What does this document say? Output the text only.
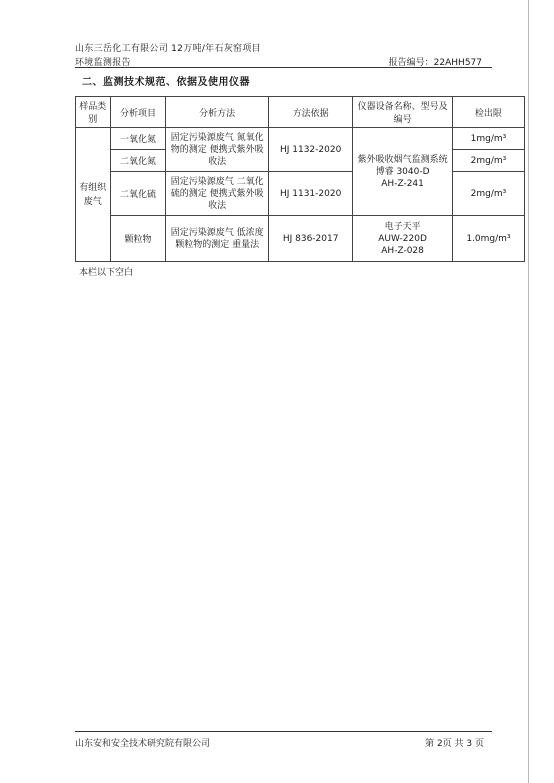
山东三岳化工有限公司 12万吨/年石灰窑项目
环境监测报告	报告编号：22AHH577
二、监测技术规范、依据及使用仪器
样品类别	分析项目	分析方法	方法依据	仪器设备名称、型号及编号	检出限
有组织废气	一氧化氮	固定污染源废气 氮氧化物的测定 便携式紫外吸收法	HJ 1132-2020	紫外吸收烟气监测系统
博睿 3040-D
AH-Z-241	1mg/m³
	二氧化氮				2mg/m³
	二氧化硫	固定污染源废气 二氧化硫的测定 便携式紫外吸收法	HJ 1131-2020		2mg/m³
	颗粒物	固定污染源废气 低浓度颗粒物的测定 重量法	HJ 836-2017	电子天平
AUW-220D
AH-Z-028	1.0mg/m³
本栏以下空白
山东安和安全技术研究院有限公司	第 2页 共 3 页
